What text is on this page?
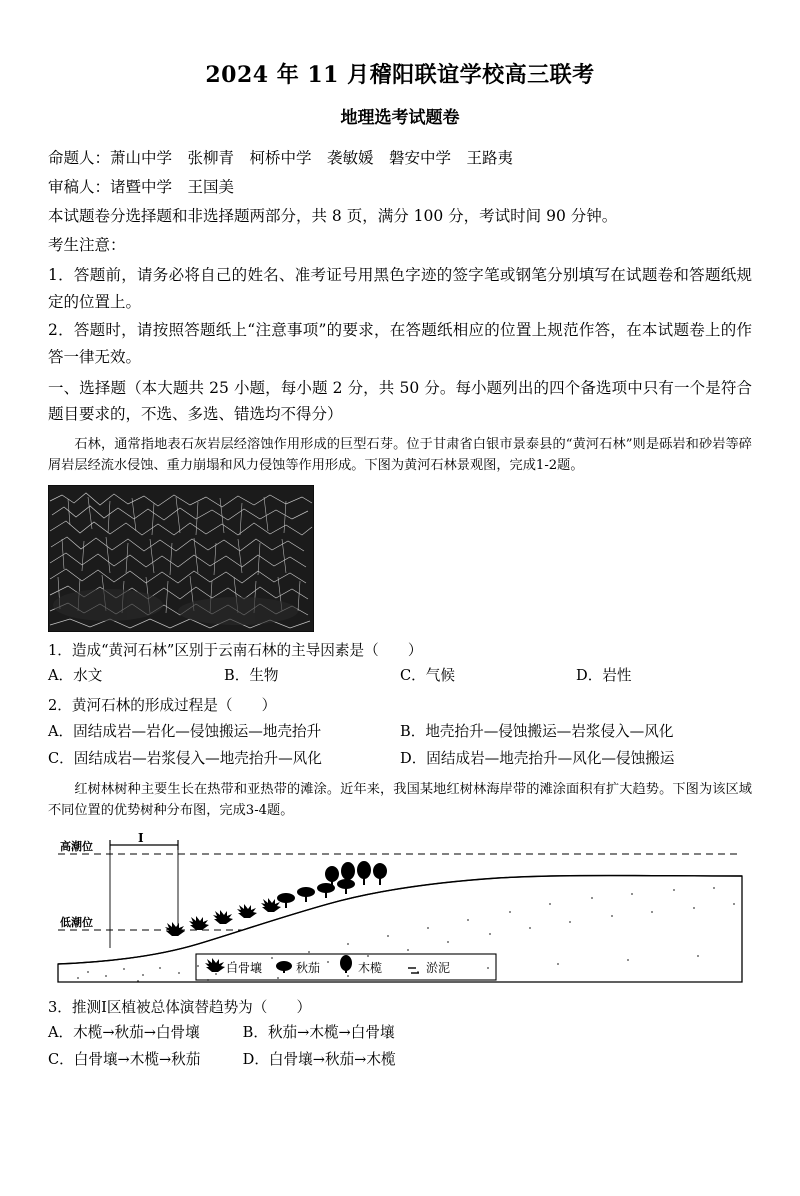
2024 年 11 月稽阳联谊学校高三联考
地理选考试题卷
命题人：萧山中学　张柳青　柯桥中学　袭敏媛　磐安中学　王路夷
审稿人：诸暨中学　王国美
本试题卷分选择题和非选择题两部分，共 8 页，满分 100 分，考试时间 90 分钟。
考生注意：
1．答题前，请务必将自己的姓名、准考证号用黑色字迹的签字笔或钢笔分别填写在试题卷和答题纸规定的位置上。
2．答题时，请按照答题纸上“注意事项”的要求，在答题纸相应的位置上规范作答，在本试题卷上的作答一律无效。
一、选择题（本大题共 25 小题，每小题 2 分，共 50 分。每小题列出的四个备选项中只有一个是符合题目要求的，不选、多选、错选均不得分）
石林，通常指地表石灰岩层经溶蚀作用形成的巨型石芽。位于甘肃省白银市景泰县的“黄河石林”则是砾岩和砂岩等碎屑岩层经流水侵蚀、重力崩塌和风力侵蚀等作用形成。下图为黄河石林景观图，完成1-2题。
1．造成“黄河石林”区别于云南石林的主导因素是（　　）
A．水文	B．生物	C．气候	D．岩性
2．黄河石林的形成过程是（　　）
A．固结成岩—岩化—侵蚀搬运—地壳抬升	B．地壳抬升—侵蚀搬运—岩浆侵入—风化
C．固结成岩—岩浆侵入—地壳抬升—风化	D．固结成岩—地壳抬升—风化—侵蚀搬运
红树林树种主要生长在热带和亚热带的滩涂。近年来，我国某地红树林海岸带的滩涂面积有扩大趋势。下图为该区域不同位置的优势树种分布图，完成3-4题。
高潮位
低潮位
I
白骨壤	秋茄	木榄	淤泥
3．推测Ⅰ区植被总体演替趋势为（　　）
A．木榄→秋茄→白骨壤	B．秋茄→木榄→白骨壤
C．白骨壤→木榄→秋茄	D．白骨壤→秋茄→木榄
